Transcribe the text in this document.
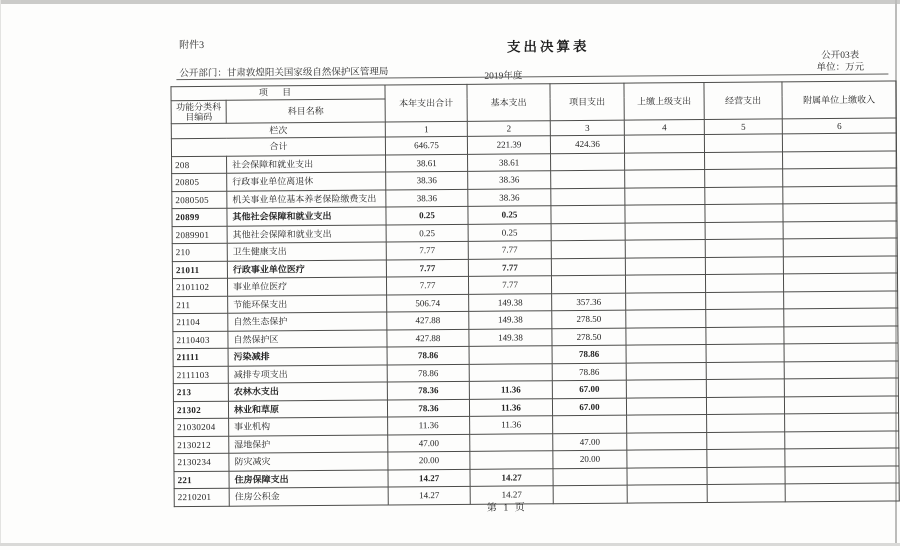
附件3	支出决算表
公开部门：甘肃敦煌阳关国家级自然保护区管理局	2019年度
公开03表
单位：万元
项 目		本年支出合计	基本支出	项目支出	上缴上级支出	经营支出	附属单位上缴收入
功能分类科目编码	科目名称						
栏次		1	2	3	4	5	6
合计		646.75	221.39	424.36			
208	社会保障和就业支出	38.61	38.61				
20805	行政事业单位离退休	38.36	38.36				
2080505	机关事业单位基本养老保险缴费支出	38.36	38.36				
20899	其他社会保障和就业支出	0.25	0.25				
2089901	其他社会保障和就业支出	0.25	0.25				
210	卫生健康支出	7.77	7.77				
21011	行政事业单位医疗	7.77	7.77				
2101102	事业单位医疗	7.77	7.77				
211	节能环保支出	506.74	149.38	357.36			
21104	自然生态保护	427.88	149.38	278.50			
2110403	自然保护区	427.88	149.38	278.50			
21111	污染减排	78.86		78.86			
2111103	减排专项支出	78.86		78.86			
213	农林水支出	78.36	11.36	67.00			
21302	林业和草原	78.36	11.36	67.00			
21030204	事业机构	11.36	11.36				
2130212	湿地保护	47.00		47.00			
2130234	防灾减灾	20.00		20.00			
221	住房保障支出	14.27	14.27				
2210201	住房公积金	14.27	14.27				
第 1 页
